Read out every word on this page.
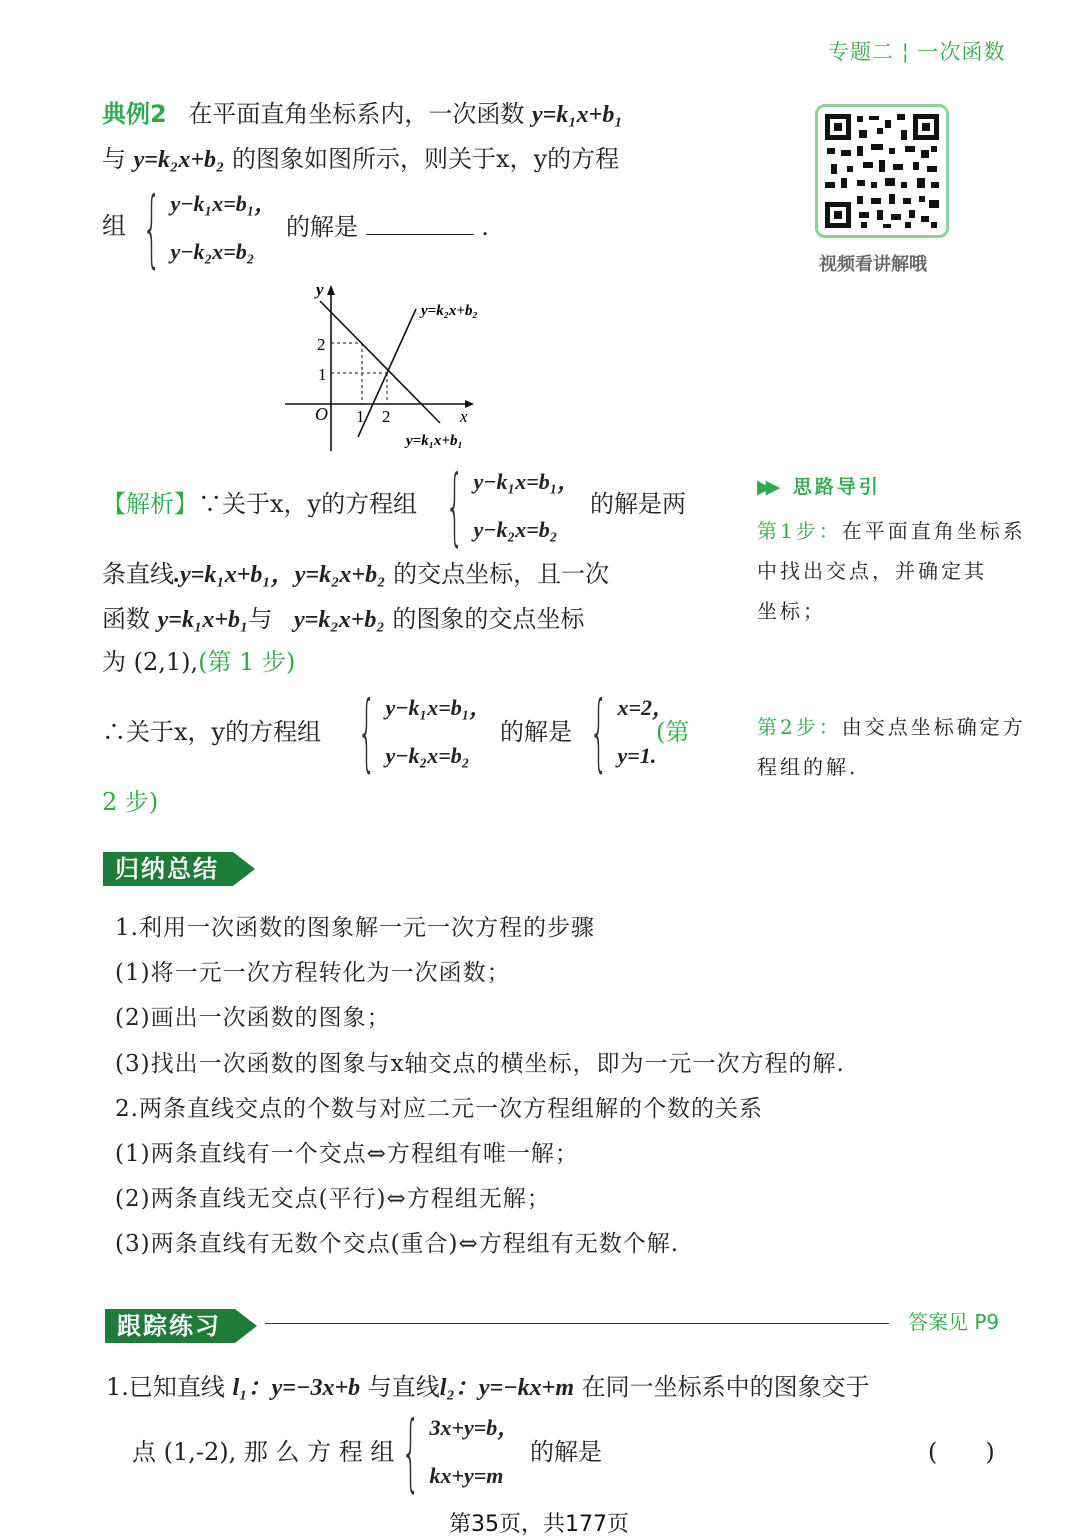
专题二 ¦ 一次函数
典例2 在平面直角坐标系内，一次函数 y=k₁x+b₁
与 y=k₂x+b₂ 的图象如图所示，则关于x，y的方程
组 { y−k₁x=b₁，
y−k₂x=b₂
的解是	.
视频看讲解哦
y
x
O
2
1
1 2
y=k₂x+b₂
y=k₁x+b₁
【解析】∵关于x，y的方程组 { y−k₁x=b₁，
y−k₂x=b₂
的解是两
条直线.y=k₁x+b₁，y=k₂x+b₂ 的交点坐标，且一次
函数 y=k₁x+b₁与 y=k₂x+b₂ 的图象的交点坐标
为 (2,1),(第 1 步)
∴关于x，y的方程组 { y−k₁x=b₁，
y−k₂x=b₂
的解是 { x=2，
y=1.
(第
2 步)
▶▶ 思路导引
第1步：在平面直角坐标系
中找出交点，并确定其
坐标；
第2步：由交点坐标确定方
程组的解.
归纳总结
1.利用一次函数的图象解一元一次方程的步骤
(1)将一元一次方程转化为一次函数；
(2)画出一次函数的图象；
(3)找出一次函数的图象与x轴交点的横坐标，即为一元一次方程的解.
2.两条直线交点的个数与对应二元一次方程组解的个数的关系
(1)两条直线有一个交点⇔方程组有唯一解；
(2)两条直线无交点(平行)⇔方程组无解；
(3)两条直线有无数个交点(重合)⇔方程组有无数个解.
跟踪练习	答案见 P9
1.已知直线 l₁：y=−3x+b 与直线l₂：y=−kx+m 在同一坐标系中的图象交于
点 (1,-2), 那 么 方 程 组 { 3x+y=b，
kx+y=m
的解是	(　　)
第35页，共177页
